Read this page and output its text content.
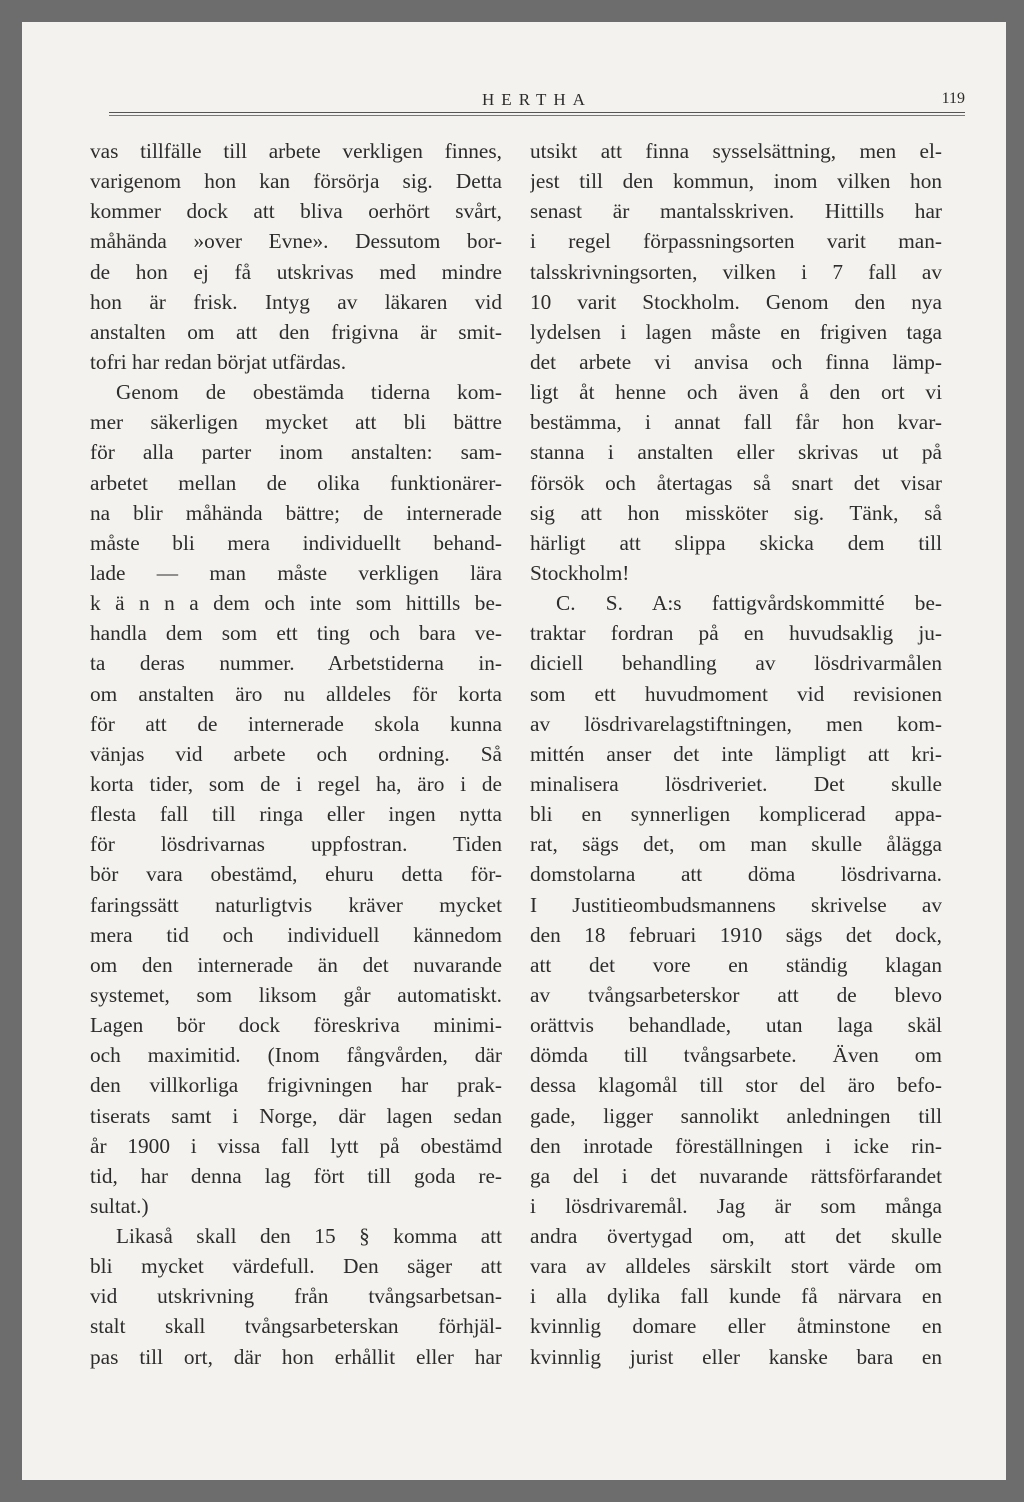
HERTHA	119
vas tillfälle till arbete verkligen finnes,
varigenom hon kan försörja sig. Detta
kommer dock att bliva oerhört svårt,
måhända »over Evne». Dessutom bor-
de hon ej få utskrivas med mindre
hon är frisk. Intyg av läkaren vid
anstalten om att den frigivna är smit-
tofri har redan börjat utfärdas.
Genom de obestämda tiderna kom-
mer säkerligen mycket att bli bättre
för alla parter inom anstalten: sam-
arbetet mellan de olika funktionärer-
na blir måhända bättre; de internerade
måste bli mera individuellt behand-
lade — man måste verkligen lära
k ä n n a dem och inte som hittills be-
handla dem som ett ting och bara ve-
ta deras nummer. Arbetstiderna in-
om anstalten äro nu alldeles för korta
för att de internerade skola kunna
vänjas vid arbete och ordning. Så
korta tider, som de i regel ha, äro i de
flesta fall till ringa eller ingen nytta
för lösdrivarnas uppfostran. Tiden
bör vara obestämd, ehuru detta för-
faringssätt naturligtvis kräver mycket
mera tid och individuell kännedom
om den internerade än det nuvarande
systemet, som liksom går automatiskt.
Lagen bör dock föreskriva minimi-
och maximitid. (Inom fångvården, där
den villkorliga frigivningen har prak-
tiserats samt i Norge, där lagen sedan
år 1900 i vissa fall lytt på obestämd
tid, har denna lag fört till goda re-
sultat.)
Likaså skall den 15 § komma att
bli mycket värdefull. Den säger att
vid utskrivning från tvångsarbetsan-
stalt skall tvångsarbeterskan förhjäl-
pas till ort, där hon erhållit eller har
utsikt att finna sysselsättning, men el-
jest till den kommun, inom vilken hon
senast är mantalsskriven. Hittills har
i regel förpassningsorten varit man-
talsskrivningsorten, vilken i 7 fall av
10 varit Stockholm. Genom den nya
lydelsen i lagen måste en frigiven taga
det arbete vi anvisa och finna lämp-
ligt åt henne och även å den ort vi
bestämma, i annat fall får hon kvar-
stanna i anstalten eller skrivas ut på
försök och återtagas så snart det visar
sig att hon missköter sig. Tänk, så
härligt att slippa skicka dem till
Stockholm!
C. S. A:s fattigvårdskommitté be-
traktar fordran på en huvudsaklig ju-
diciell behandling av lösdrivarmålen
som ett huvudmoment vid revisionen
av lösdrivarelagstiftningen, men kom-
mittén anser det inte lämpligt att kri-
minalisera lösdriveriet. Det skulle
bli en synnerligen komplicerad appa-
rat, sägs det, om man skulle ålägga
domstolarna att döma lösdrivarna.
I Justitieombudsmannens skrivelse av
den 18 februari 1910 sägs det dock,
att det vore en ständig klagan
av tvångsarbeterskor att de blevo
orättvis behandlade, utan laga skäl
dömda till tvångsarbete. Även om
dessa klagomål till stor del äro befo-
gade, ligger sannolikt anledningen till
den inrotade föreställningen i icke rin-
ga del i det nuvarande rättsförfarandet
i lösdrivaremål. Jag är som många
andra övertygad om, att det skulle
vara av alldeles särskilt stort värde om
i alla dylika fall kunde få närvara en
kvinnlig domare eller åtminstone en
kvinnlig jurist eller kanske bara en
